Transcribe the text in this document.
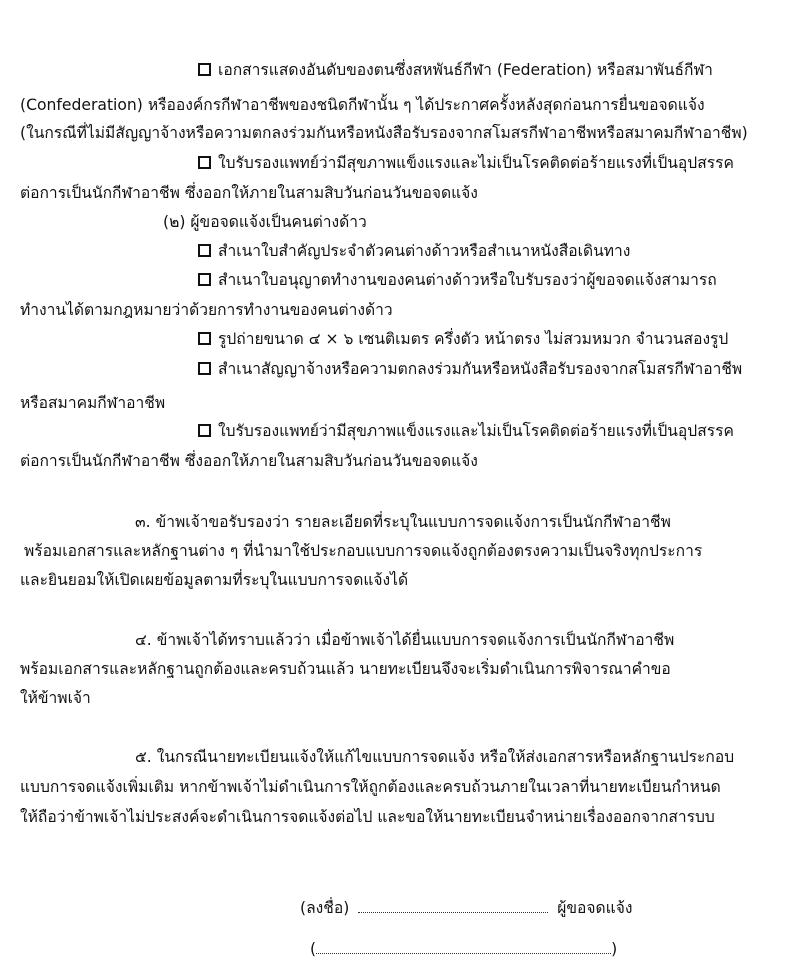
เอกสารแสดงอันดับของตนซึ่งสหพันธ์กีฬา (Federation) หรือสมาพันธ์กีฬา
(Confederation) หรือองค์กรกีฬาอาชีพของชนิดกีฬานั้น ๆ ได้ประกาศครั้งหลังสุดก่อนการยื่นขอจดแจ้ง
(ในกรณีที่ไม่มีสัญญาจ้างหรือความตกลงร่วมกันหรือหนังสือรับรองจากสโมสรกีฬาอาชีพหรือสมาคมกีฬาอาชีพ)
ใบรับรองแพทย์ว่ามีสุขภาพแข็งแรงและไม่เป็นโรคติดต่อร้ายแรงที่เป็นอุปสรรค
ต่อการเป็นนักกีฬาอาชีพ ซึ่งออกให้ภายในสามสิบวันก่อนวันขอจดแจ้ง
(๒) ผู้ขอจดแจ้งเป็นคนต่างด้าว
สำเนาใบสำคัญประจำตัวคนต่างด้าวหรือสำเนาหนังสือเดินทาง
สำเนาใบอนุญาตทำงานของคนต่างด้าวหรือใบรับรองว่าผู้ขอจดแจ้งสามารถ
ทำงานได้ตามกฎหมายว่าด้วยการทำงานของคนต่างด้าว
รูปถ่ายขนาด ๔ × ๖ เซนติเมตร ครึ่งตัว หน้าตรง ไม่สวมหมวก จำนวนสองรูป
สำเนาสัญญาจ้างหรือความตกลงร่วมกันหรือหนังสือรับรองจากสโมสรกีฬาอาชีพ
หรือสมาคมกีฬาอาชีพ
ใบรับรองแพทย์ว่ามีสุขภาพแข็งแรงและไม่เป็นโรคติดต่อร้ายแรงที่เป็นอุปสรรค
ต่อการเป็นนักกีฬาอาชีพ ซึ่งออกให้ภายในสามสิบวันก่อนวันขอจดแจ้ง
๓. ข้าพเจ้าขอรับรองว่า รายละเอียดที่ระบุในแบบการจดแจ้งการเป็นนักกีฬาอาชีพ
พร้อมเอกสารและหลักฐานต่าง ๆ ที่นำมาใช้ประกอบแบบการจดแจ้งถูกต้องตรงความเป็นจริงทุกประการ
และยินยอมให้เปิดเผยข้อมูลตามที่ระบุในแบบการจดแจ้งได้
๔. ข้าพเจ้าได้ทราบแล้วว่า เมื่อข้าพเจ้าได้ยื่นแบบการจดแจ้งการเป็นนักกีฬาอาชีพ
พร้อมเอกสารและหลักฐานถูกต้องและครบถ้วนแล้ว นายทะเบียนจึงจะเริ่มดำเนินการพิจารณาคำขอ
ให้ข้าพเจ้า
๕. ในกรณีนายทะเบียนแจ้งให้แก้ไขแบบการจดแจ้ง หรือให้ส่งเอกสารหรือหลักฐานประกอบ
แบบการจดแจ้งเพิ่มเติม หากข้าพเจ้าไม่ดำเนินการให้ถูกต้องและครบถ้วนภายในเวลาที่นายทะเบียนกำหนด
ให้ถือว่าข้าพเจ้าไม่ประสงค์จะดำเนินการจดแจ้งต่อไป และขอให้นายทะเบียนจำหน่ายเรื่องออกจากสารบบ
(ลงชื่อ)	ผู้ขอจดแจ้ง
(	)
